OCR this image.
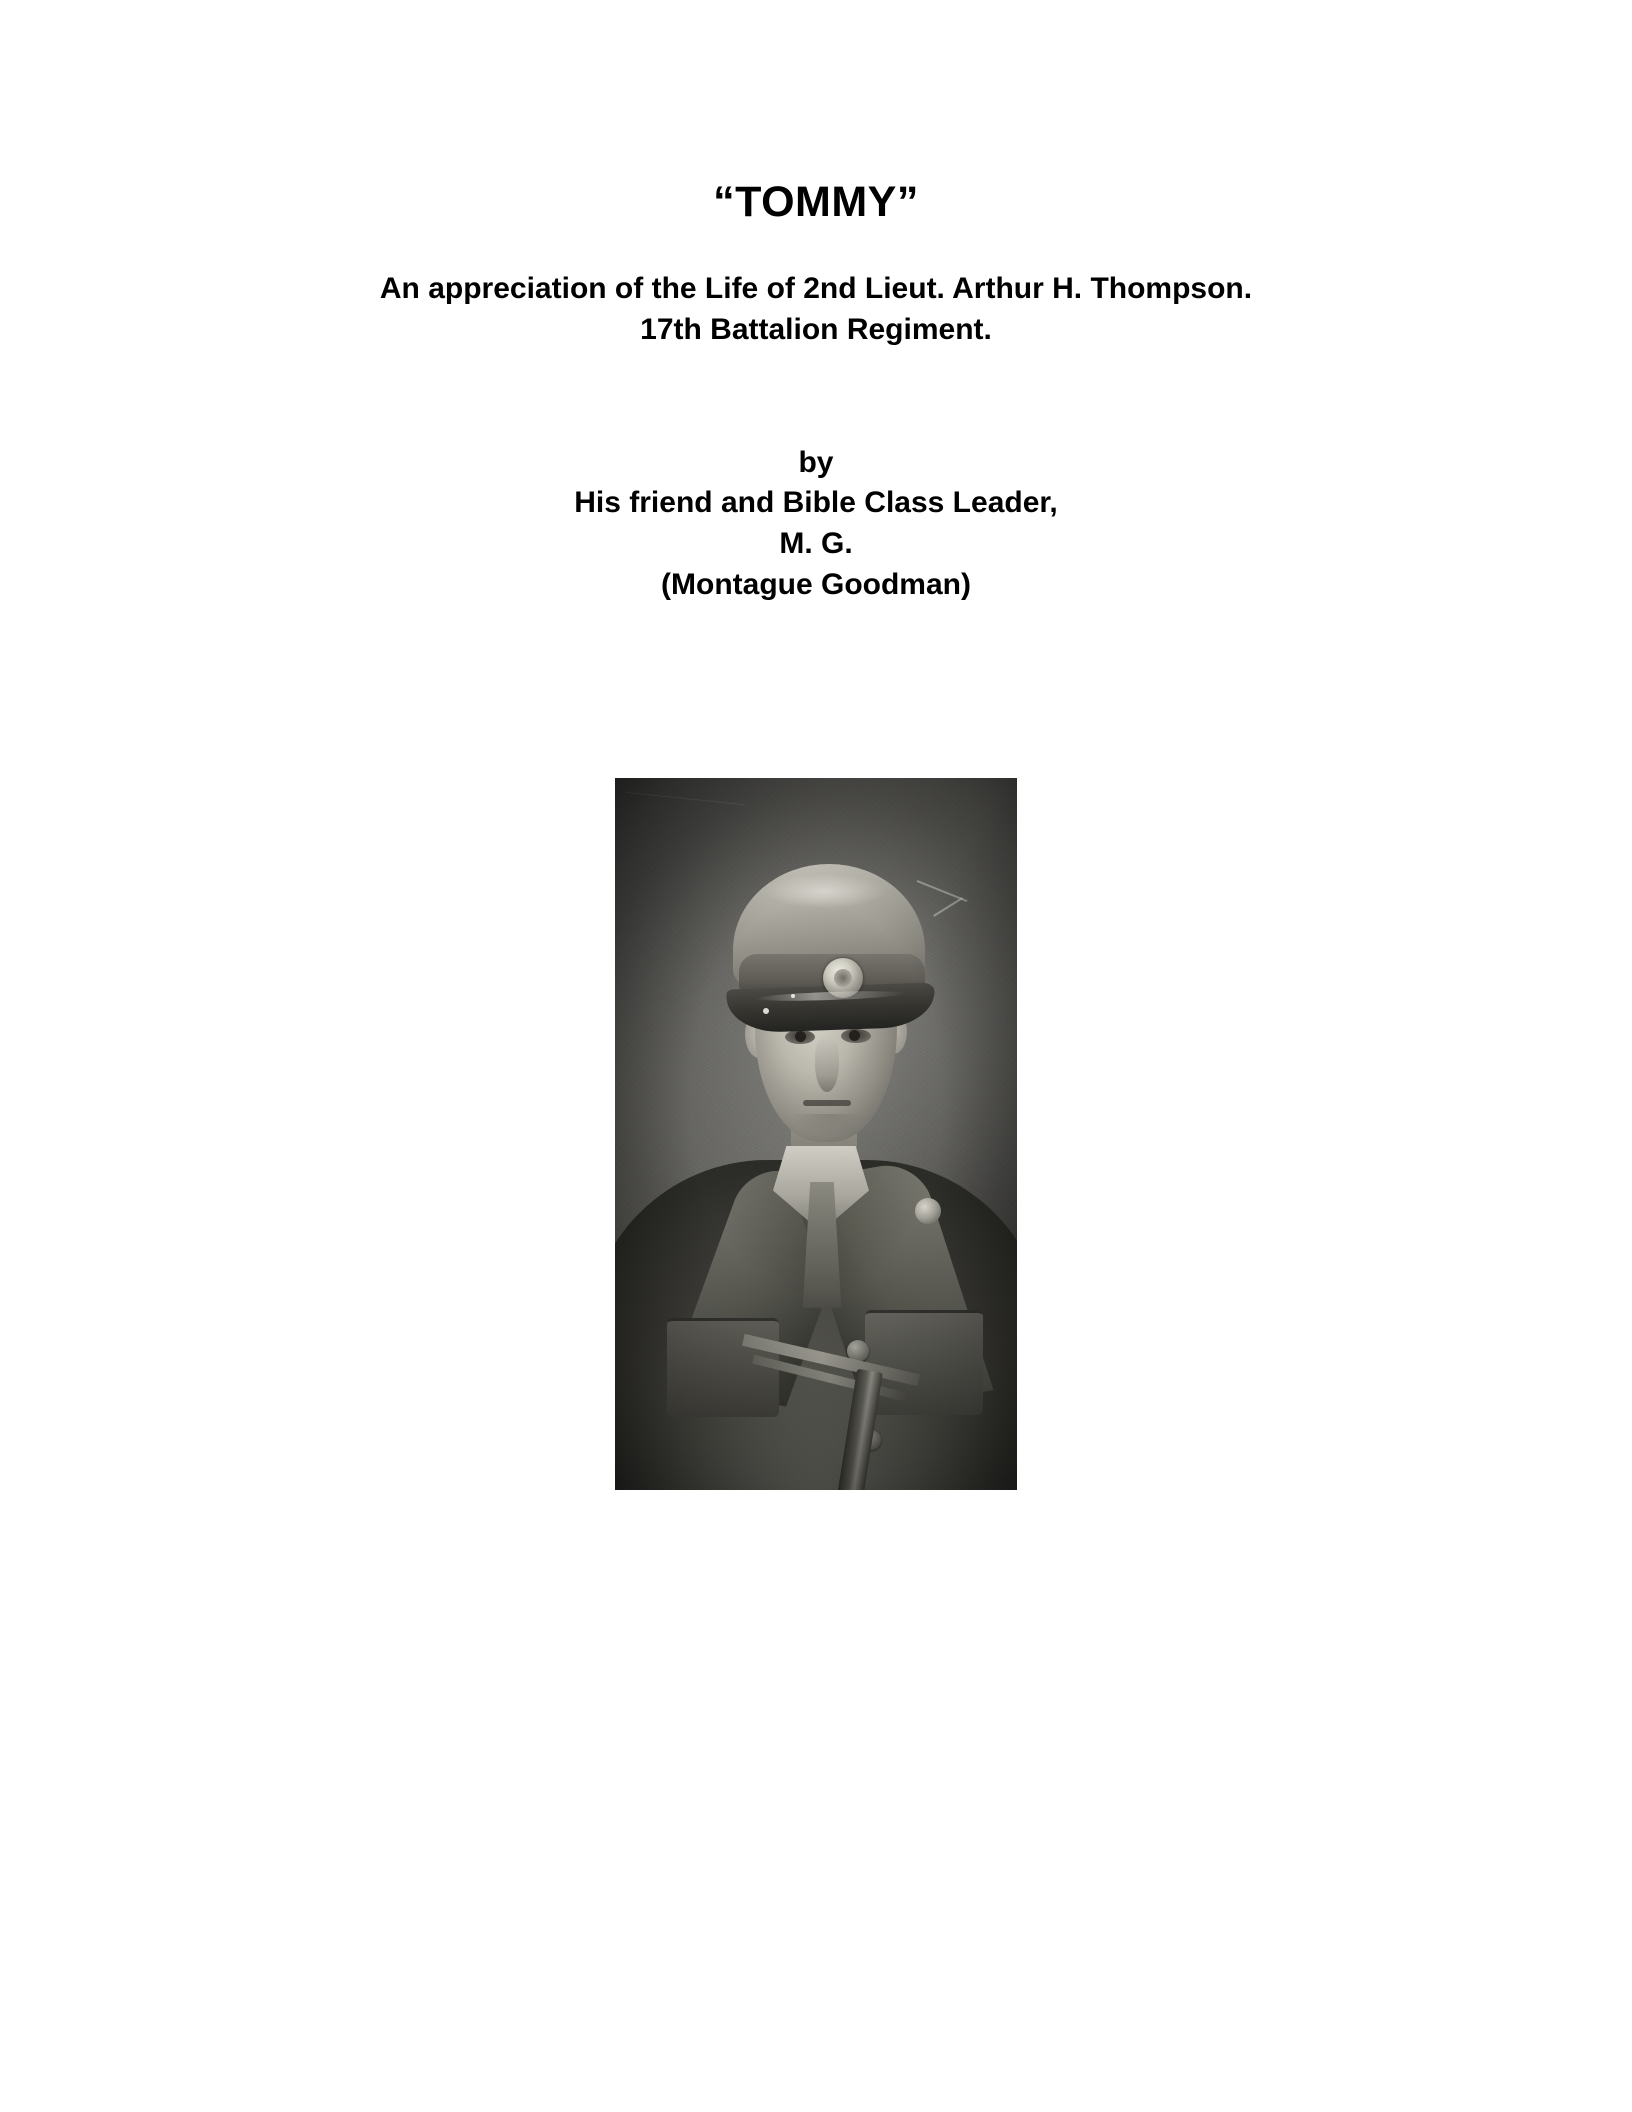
“TOMMY”
An appreciation of the Life of 2nd Lieut. Arthur H. Thompson.
17th Battalion Regiment.
by
His friend and Bible Class Leader,
M. G.
(Montague Goodman)
